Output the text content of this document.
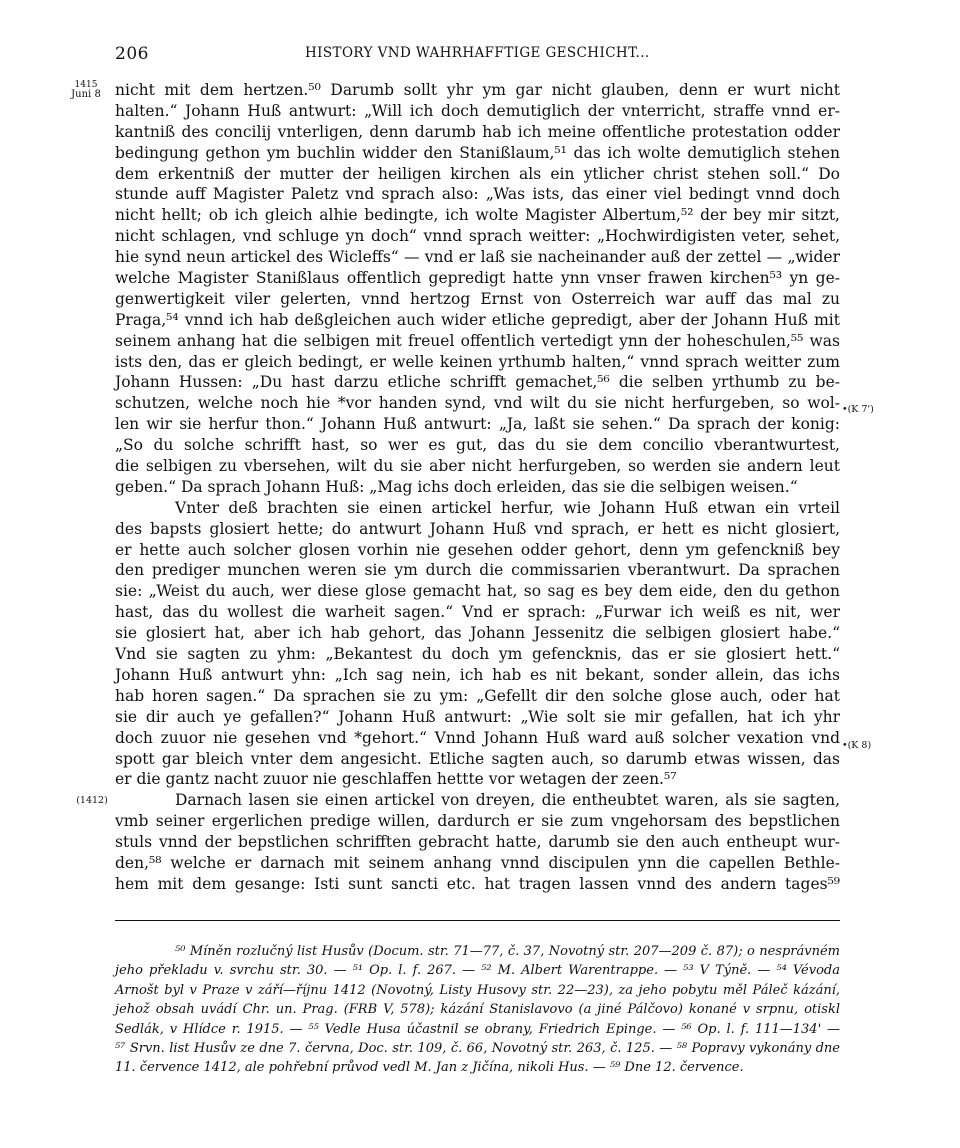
206	HISTORY VND WAHRHAFFTIGE GESCHICHT...
1415
Juni 8
(1412)
•(K 7')
•(K 8)
nicht mit dem hertzen.⁵⁰ Darumb sollt yhr ym gar nicht glauben, denn er wurt nicht
halten.“ Johann Huß antwurt: „Will ich doch demutiglich der vnterricht, straffe vnnd er-
kantniß des concilij vnterligen, denn darumb hab ich meine offentliche protestation odder
bedingung gethon ym buchlin widder den Stanißlaum,⁵¹ das ich wolte demutiglich stehen
dem erkentniß der mutter der heiligen kirchen als ein ytlicher christ stehen soll.“ Do
stunde auff Magister Paletz vnd sprach also: „Was ists, das einer viel bedingt vnnd doch
nicht hellt; ob ich gleich alhie bedingte, ich wolte Magister Albertum,⁵² der bey mir sitzt,
nicht schlagen, vnd schluge yn doch“ vnnd sprach weitter: „Hochwirdigisten veter, sehet,
hie synd neun artickel des Wicleffs“ — vnd er laß sie nacheinander auß der zettel — „wider
welche Magister Stanißlaus offentlich gepredigt hatte ynn vnser frawen kirchen⁵³ yn ge-
genwertigkeit viler gelerten, vnnd hertzog Ernst von Osterreich war auff das mal zu
Praga,⁵⁴ vnnd ich hab deßgleichen auch wider etliche gepredigt, aber der Johann Huß mit
seinem anhang hat die selbigen mit freuel offentlich vertedigt ynn der hoheschulen,⁵⁵ was
ists den, das er gleich bedingt, er welle keinen yrthumb halten,“ vnnd sprach weitter zum
Johann Hussen: „Du hast darzu etliche schrifft gemachet,⁵⁶ die selben yrthumb zu be-
schutzen, welche noch hie *vor handen synd, vnd wilt du sie nicht herfurgeben, so wol-
len wir sie herfur thon.“ Johann Huß antwurt: „Ja, laßt sie sehen.“ Da sprach der konig:
„So du solche schrifft hast, so wer es gut, das du sie dem concilio vberantwurtest,
die selbigen zu vbersehen, wilt du sie aber nicht herfurgeben, so werden sie andern leut
geben.“ Da sprach Johann Huß: „Mag ichs doch erleiden, das sie die selbigen weisen.“
Vnter deß brachten sie einen artickel herfur, wie Johann Huß etwan ein vrteil
des bapsts glosiert hette; do antwurt Johann Huß vnd sprach, er hett es nicht glosiert,
er hette auch solcher glosen vorhin nie gesehen odder gehort, denn ym gefenckniß bey
den prediger munchen weren sie ym durch die commissarien vberantwurt. Da sprachen
sie: „Weist du auch, wer diese glose gemacht hat, so sag es bey dem eide, den du gethon
hast, das du wollest die warheit sagen.“ Vnd er sprach: „Furwar ich weiß es nit, wer
sie glosiert hat, aber ich hab gehort, das Johann Jessenitz die selbigen glosiert habe.“
Vnd sie sagten zu yhm: „Bekantest du doch ym gefencknis, das er sie glosiert hett.“
Johann Huß antwurt yhn: „Ich sag nein, ich hab es nit bekant, sonder allein, das ichs
hab horen sagen.“ Da sprachen sie zu ym: „Gefellt dir den solche glose auch, oder hat
sie dir auch ye gefallen?“ Johann Huß antwurt: „Wie solt sie mir gefallen, hat ich yhr
doch zuuor nie gesehen vnd *gehort.“ Vnnd Johann Huß ward auß solcher vexation vnd
spott gar bleich vnter dem angesicht. Etliche sagten auch, so darumb etwas wissen, das
er die gantz nacht zuuor nie geschlaffen hettte vor wetagen der zeen.⁵⁷
Darnach lasen sie einen artickel von dreyen, die entheubtet waren, als sie sagten,
vmb seiner ergerlichen predige willen, dardurch er sie zum vngehorsam des bepstlichen
stuls vnnd der bepstlichen schrifften gebracht hatte, darumb sie den auch entheupt wur-
den,⁵⁸ welche er darnach mit seinem anhang vnnd discipulen ynn die capellen Bethle-
hem mit dem gesange: Isti sunt sancti etc. hat tragen lassen vnnd des andern tages⁵⁹
⁵⁰ Míněn rozlučný list Husův (Docum. str. 71—77, č. 37, Novotný str. 207—209 č. 87); o nesprávném
jeho překladu v. svrchu str. 30. — ⁵¹ Op. l. f. 267. — ⁵² M. Albert Warentrappe. — ⁵³ V Týně. — ⁵⁴ Vévoda
Arnošt byl v Praze v září—říjnu 1412 (Novotný, Listy Husovy str. 22—23), za jeho pobytu měl Páleč kázání,
jehož obsah uvádí Chr. un. Prag. (FRB V, 578); kázání Stanislavovo (a jiné Pálčovo) konané v srpnu, otiskl
Sedlák, v Hlídce r. 1915. — ⁵⁵ Vedle Husa účastnil se obrany, Friedrich Epinge. — ⁵⁶ Op. l. f. 111—134' —
⁵⁷ Srvn. list Husův ze dne 7. června, Doc. str. 109, č. 66, Novotný str. 263, č. 125. — ⁵⁸ Popravy vykonány dne
11. července 1412, ale pohřební průvod vedl M. Jan z Jičína, nikoli Hus. — ⁵⁹ Dne 12. července.
